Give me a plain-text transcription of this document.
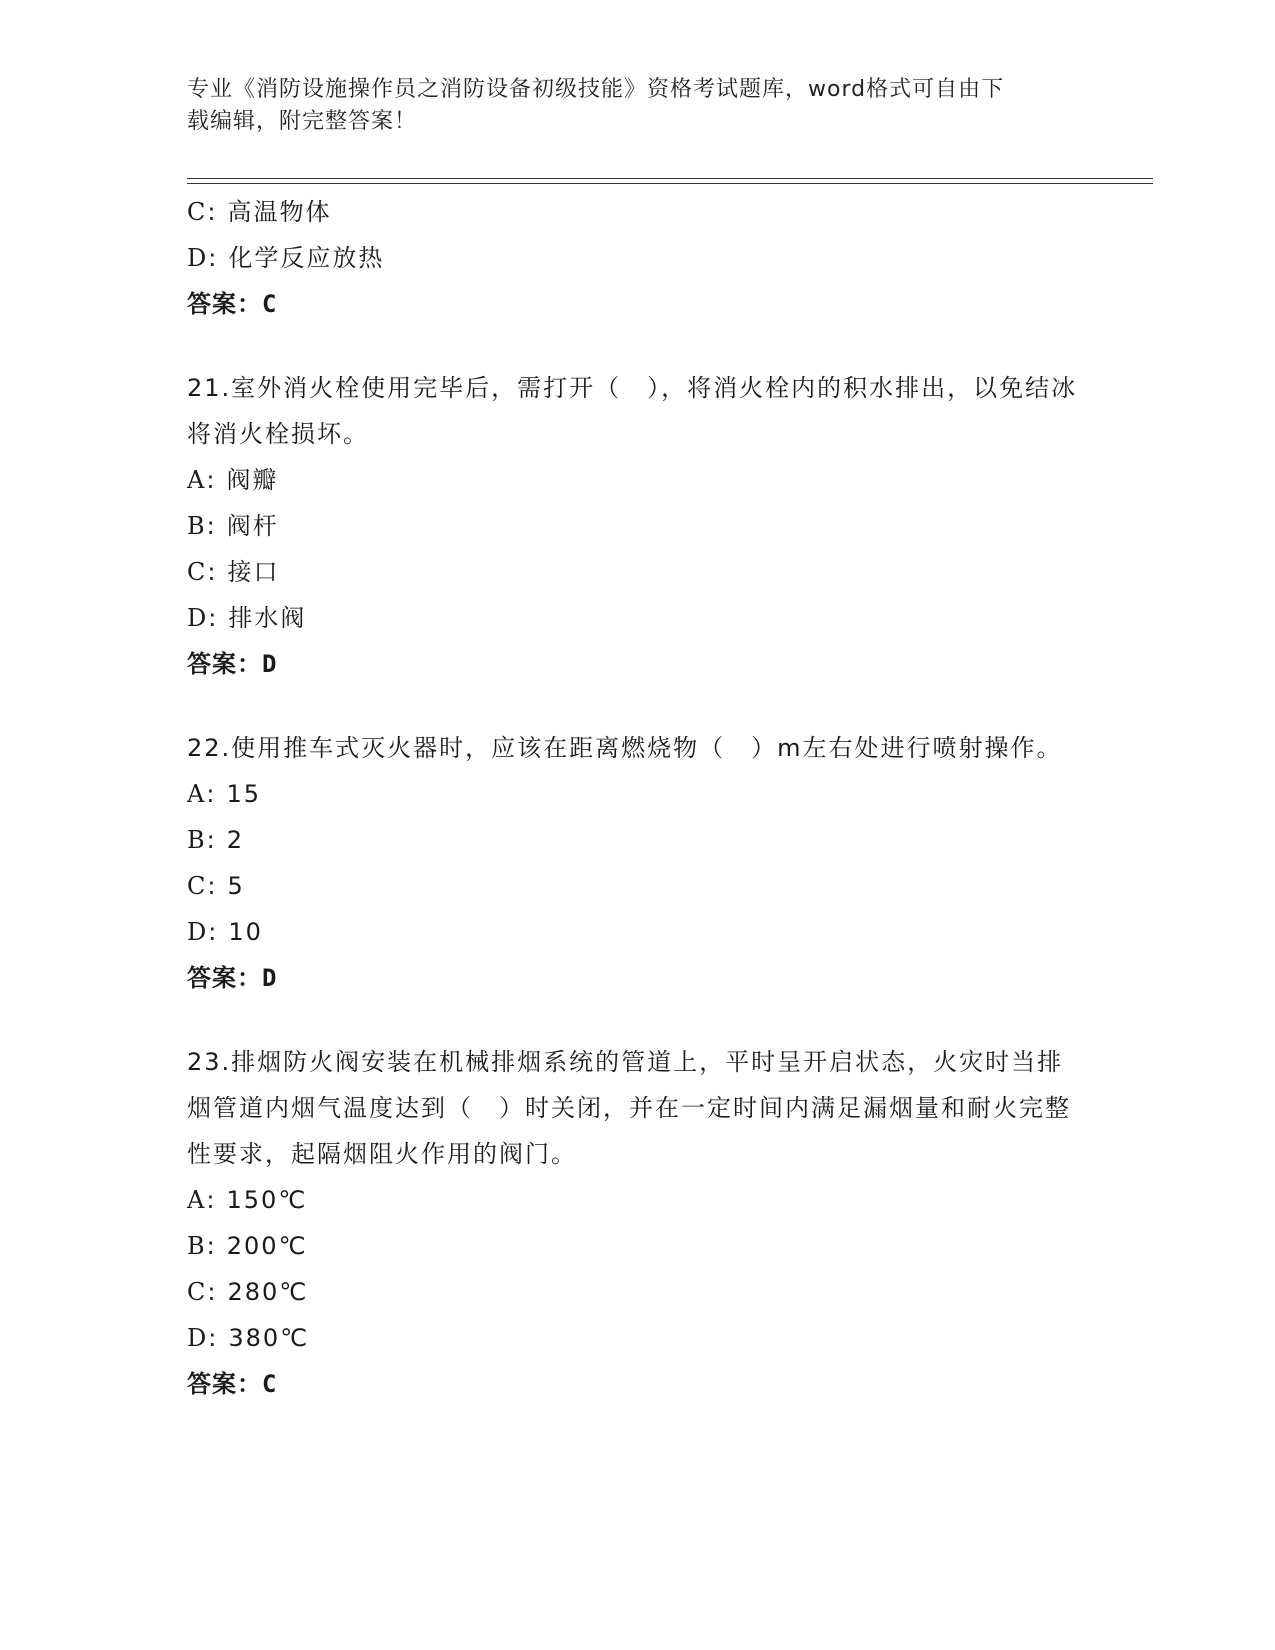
专业《消防设施操作员之消防设备初级技能》资格考试题库，word格式可自由下
载编辑，附完整答案！
C: 高温物体
D: 化学反应放热
答案：C
21.室外消火栓使用完毕后，需打开（　），将消火栓内的积水排出，以免结冰将消火栓损坏。
A: 阀瓣
B: 阀杆
C: 接口
D: 排水阀
答案：D
22.使用推车式灭火器时，应该在距离燃烧物（　）m左右处进行喷射操作。
A: 15
B: 2
C: 5
D: 10
答案：D
23.排烟防火阀安装在机械排烟系统的管道上，平时呈开启状态，火灾时当排烟管道内烟气温度达到（　）时关闭，并在一定时间内满足漏烟量和耐火完整性要求，起隔烟阻火作用的阀门。
A: 150℃
B: 200℃
C: 280℃
D: 380℃
答案：C
